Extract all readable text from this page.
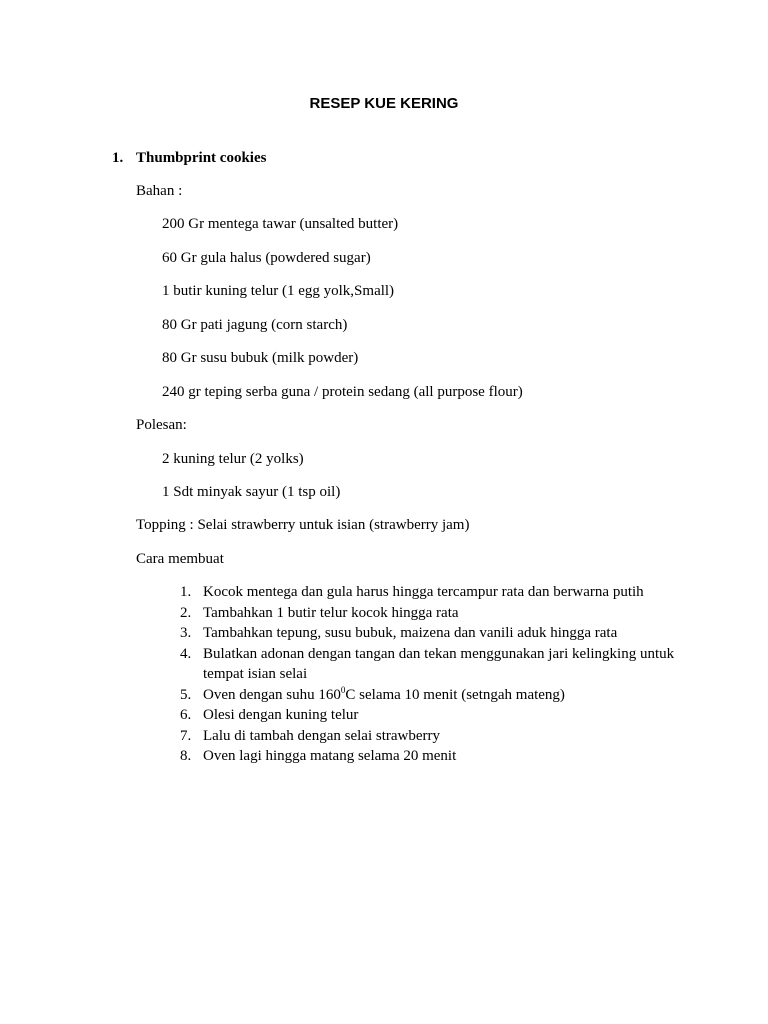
RESEP KUE KERING
1. Thumbprint cookies
Bahan :
200 Gr mentega tawar (unsalted butter)
60 Gr gula halus (powdered sugar)
1 butir kuning telur (1 egg yolk,Small)
80 Gr pati jagung (corn starch)
80 Gr susu bubuk (milk powder)
240 gr teping serba guna / protein sedang (all purpose flour)
Polesan:
2 kuning telur (2 yolks)
1 Sdt minyak sayur (1 tsp oil)
Topping : Selai strawberry untuk isian (strawberry jam)
Cara membuat
1. Kocok mentega dan gula harus hingga tercampur rata dan berwarna putih
2. Tambahkan 1 butir telur kocok hingga rata
3. Tambahkan tepung, susu bubuk, maizena dan vanili aduk hingga rata
4. Bulatkan adonan dengan tangan dan tekan menggunakan jari kelingking untuk tempat isian selai
5. Oven dengan suhu $160^0C$ selama 10 menit (setngah mateng)
6. Olesi dengan kuning telur
7. Lalu di tambah dengan selai strawberry
8. Oven lagi hingga matang selama 20 menit
